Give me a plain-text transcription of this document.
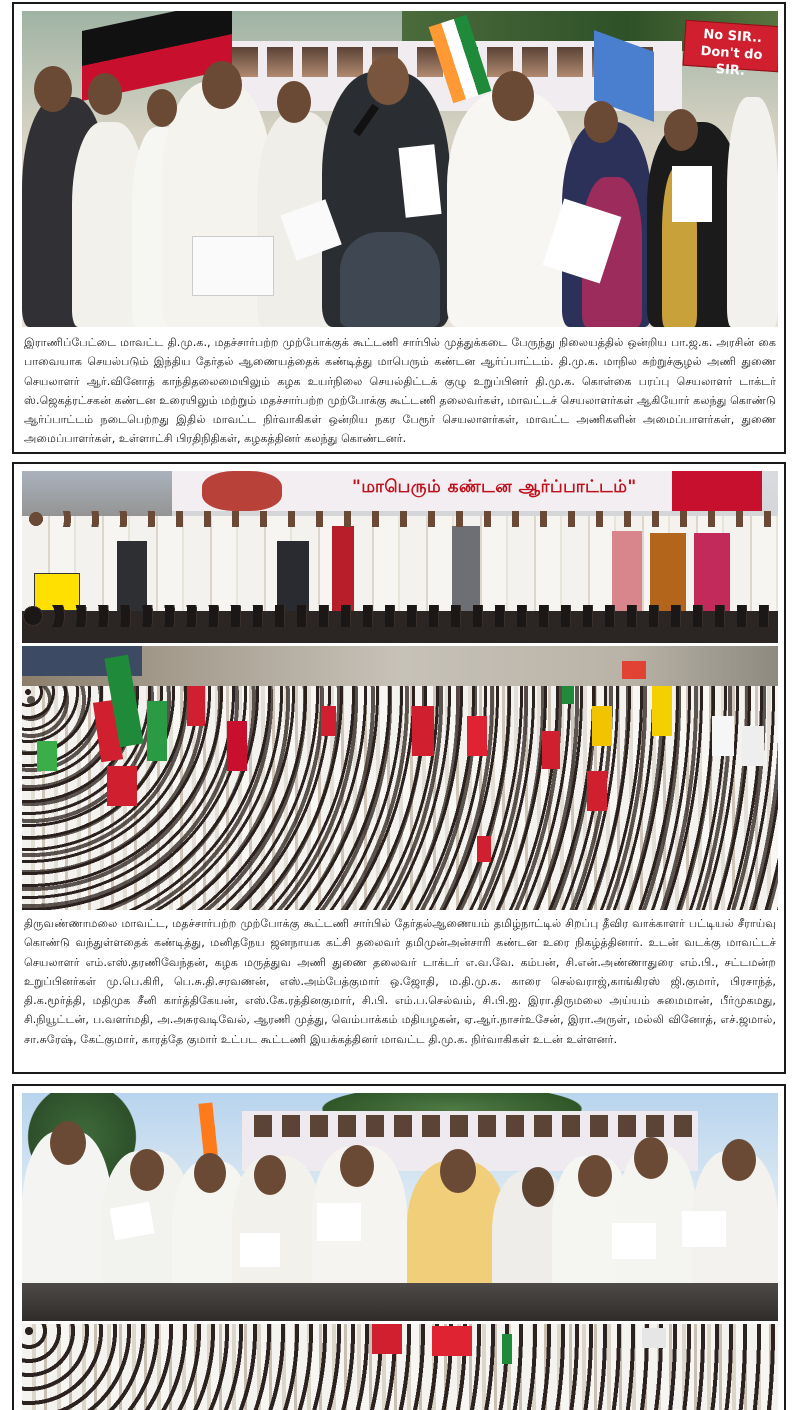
No SIR..
Don't do SIR.

இராணிப்பேட்டை மாவட்ட தி.மு.க., மதச்சார்பற்ற முற்போக்குக் கூட்டணி சார்பில் முத்துக்கடை பேருந்து நிலையத்தில் ஒன்றிய பா.ஜ.க. அரசின் கை பாவையாக செயல்படும் இந்திய தேர்தல் ஆணையத்தைக் கண்டித்து மாபெரும் கண்டன ஆர்ப்பாட்டம். தி.மு.க. மாநில சுற்றுச்சூழல் அணி துணை செயலாளர் ஆர்.வினோத் காந்திதலைமையிலும் கழக உயர்நிலை செயல்திட்டக் குழு உறுப்பினர் தி.மு.க. கொள்கை பரப்பு செயலாளர் டாக்டர் ஸ்.ஜெகத்ரட்சகன் கண்டன உரையிலும் மற்றும் மதச்சார்பற்ற முற்போக்கு கூட்டணி தலைவர்கள், மாவட்டச் செயலாளர்கள் ஆகியோர் கலந்து கொண்டு ஆர்ப்பாட்டம் நடைபெற்றது இதில் மாவட்ட நிர்வாகிகள் ஒன்றிய நகர பேரூர் செயலாளர்கள், மாவட்ட அணிகளின் அமைப்பாளர்கள், துணை அமைப்பாளர்கள், உள்ளாட்சி பிரதிநிதிகள், கழகத்தினர் கலந்து கொண்டனர்.

"மாபெரும் கண்டன ஆர்ப்பாட்டம்"

திருவண்ணாமலை மாவட்ட, மதச்சார்பற்ற முற்போக்கு கூட்டணி சார்பில் தேர்தல்ஆணையம் தமிழ்நாட்டில் சிறப்பு தீவிர வாக்காளர் பட்டியல் சீராய்வு கொண்டு வந்துள்ளதைக் கண்டித்து, மனிதநேய ஜனநாயக கட்சி தலைவர் தமிமுன்அன்சாரி கண்டன உரை நிகழ்த்தினார். உடன் வடக்கு மாவட்டச் செயலாளர் எம்.எஸ்.தரணிவேந்தன், கழக மருத்துவ அணி துணை தலைவர் டாக்டர் எ.வ.வே. கம்பன், சி.என்.அண்ணாதுரை எம்.பி., சட்டமன்ற உறுப்பினர்கள் மு.பெ.கிரி, பெ.சு.தி.சரவணன், எஸ்.அம்பேத்குமார் ஒ.ஜோதி, ம.தி.மு.க. காரை செல்வராஜ்,காங்கிரஸ் ஜி.குமார், பிரசாந்த், தி.க.மூர்த்தி, மதிமுக சீனி கார்த்திகேயன், எஸ்.கே.ரத்தினகுமார், சி.பி. எம்.ப.செல்வம், சி.பி.ஐ. இரா.திருமலை அய்யம் சுமைமான், பீர்முகமது, சி.நியூட்டன், ப.வளர்மதி, அ.அசுரவடிவேல், ஆரணி முத்து, வெம்பாக்கம் மதியழகன், ஏ.ஆர்.நாசர்உசேன், இரா.அருள், மல்லி வினோத், எச்.ஜமால், சா.சுரேஷ், கேட்குமார், காரத்தே குமார் உட்பட கூட்டணி இயக்கத்தினர் மாவட்ட தி.மு.க. நிர்வாகிகள் உடன் உள்ளனர்.
